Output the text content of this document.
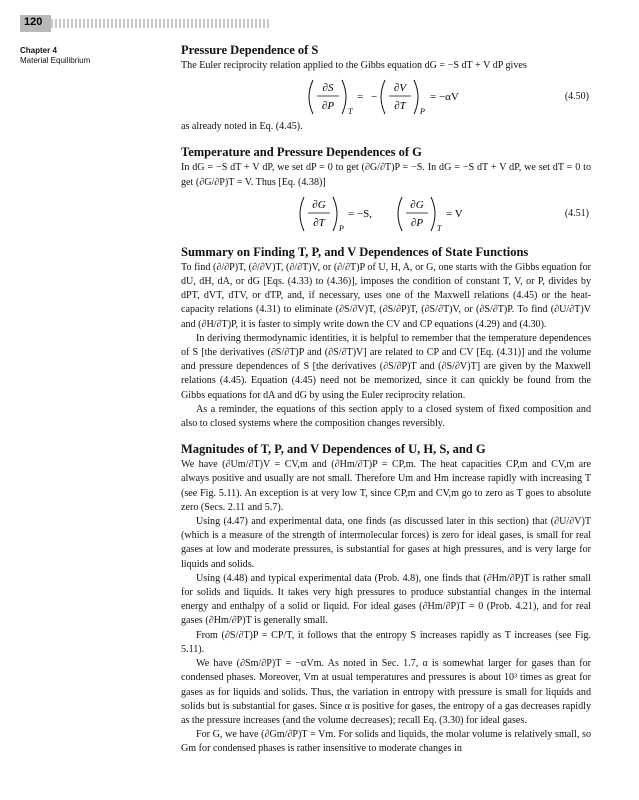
120
Chapter 4
Material Equilibrium
Pressure Dependence of S

The Euler reciprocity relation applied to the Gibbs equation dG = −S dT + V dP gives

∂S
∂P T
= −
∂V
∂T P
= −αV	(4.50)

as already noted in Eq. (4.45).

Temperature and Pressure Dependences of G

In dG = −S dT + V dP, we set dP = 0 to get (∂G/∂T)P = −S. In dG = −S dT + V dP, we set dT = 0 to get (∂G/∂P)T = V. Thus [Eq. (4.38)]

∂G
∂T P
= −S,
∂G
∂P T
= V	(4.51)
Summary on Finding T, P, and V Dependences of State Functions

To find (∂/∂P)T, (∂/∂V)T, (∂/∂T)V, or (∂/∂T)P of U, H, A, or G, one starts with the Gibbs equation for dU, dH, dA, or dG [Eqs. (4.33) to (4.36)], imposes the condition of constant T, V, or P, divides by dPT, dVT, dTV, or dTP, and, if necessary, uses one of the Maxwell relations (4.45) or the heat-capacity relations (4.31) to eliminate (∂S/∂V)T, (∂S/∂P)T, (∂S/∂T)V, or (∂S/∂T)P. To find (∂U/∂T)V and (∂H/∂T)P, it is faster to simply write down the CV and CP equations (4.29) and (4.30).

In deriving thermodynamic identities, it is helpful to remember that the temperature dependences of S [the derivatives (∂S/∂T)P and (∂S/∂T)V] are related to CP and CV [Eq. (4.31)] and the volume and pressure dependences of S [the derivatives (∂S/∂P)T and (∂S/∂V)T] are given by the Maxwell relations (4.45). Equation (4.45) need not be memorized, since it can quickly be found from the Gibbs equations for dA and dG by using the Euler reciprocity relation.

As a reminder, the equations of this section apply to a closed system of fixed composition and also to closed systems where the composition changes reversibly.

Magnitudes of T, P, and V Dependences of U, H, S, and G

We have (∂Um/∂T)V = CV,m and (∂Hm/∂T)P = CP,m. The heat capacities CP,m and CV,m are always positive and usually are not small. Therefore Um and Hm increase rapidly with increasing T (see Fig. 5.11). An exception is at very low T, since CP,m and CV,m go to zero as T goes to absolute zero (Secs. 2.11 and 5.7).

Using (4.47) and experimental data, one finds (as discussed later in this section) that (∂U/∂V)T (which is a measure of the strength of intermolecular forces) is zero for ideal gases, is small for real gases at low and moderate pressures, is substantial for gases at high pressures, and is very large for liquids and solids.

Using (4.48) and typical experimental data (Prob. 4.8), one finds that (∂Hm/∂P)T is rather small for solids and liquids. It takes very high pressures to produce substantial changes in the internal energy and enthalpy of a solid or liquid. For ideal gases (∂Hm/∂P)T = 0 (Prob. 4.21), and for real gases (∂Hm/∂P)T is generally small.

From (∂S/∂T)P = CP/T, it follows that the entropy S increases rapidly as T increases (see Fig. 5.11).

We have (∂Sm/∂P)T = −αVm. As noted in Sec. 1.7, α is somewhat larger for gases than for condensed phases. Moreover, Vm at usual temperatures and pressures is about 10³ times as great for gases as for liquids and solids. Thus, the variation in entropy with pressure is small for liquids and solids but is substantial for gases. Since α is positive for gases, the entropy of a gas decreases rapidly as the pressure increases (and the volume decreases); recall Eq. (3.30) for ideal gases.

For G, we have (∂Gm/∂P)T = Vm. For solids and liquids, the molar volume is relatively small, so Gm for condensed phases is rather insensitive to moderate changes in
